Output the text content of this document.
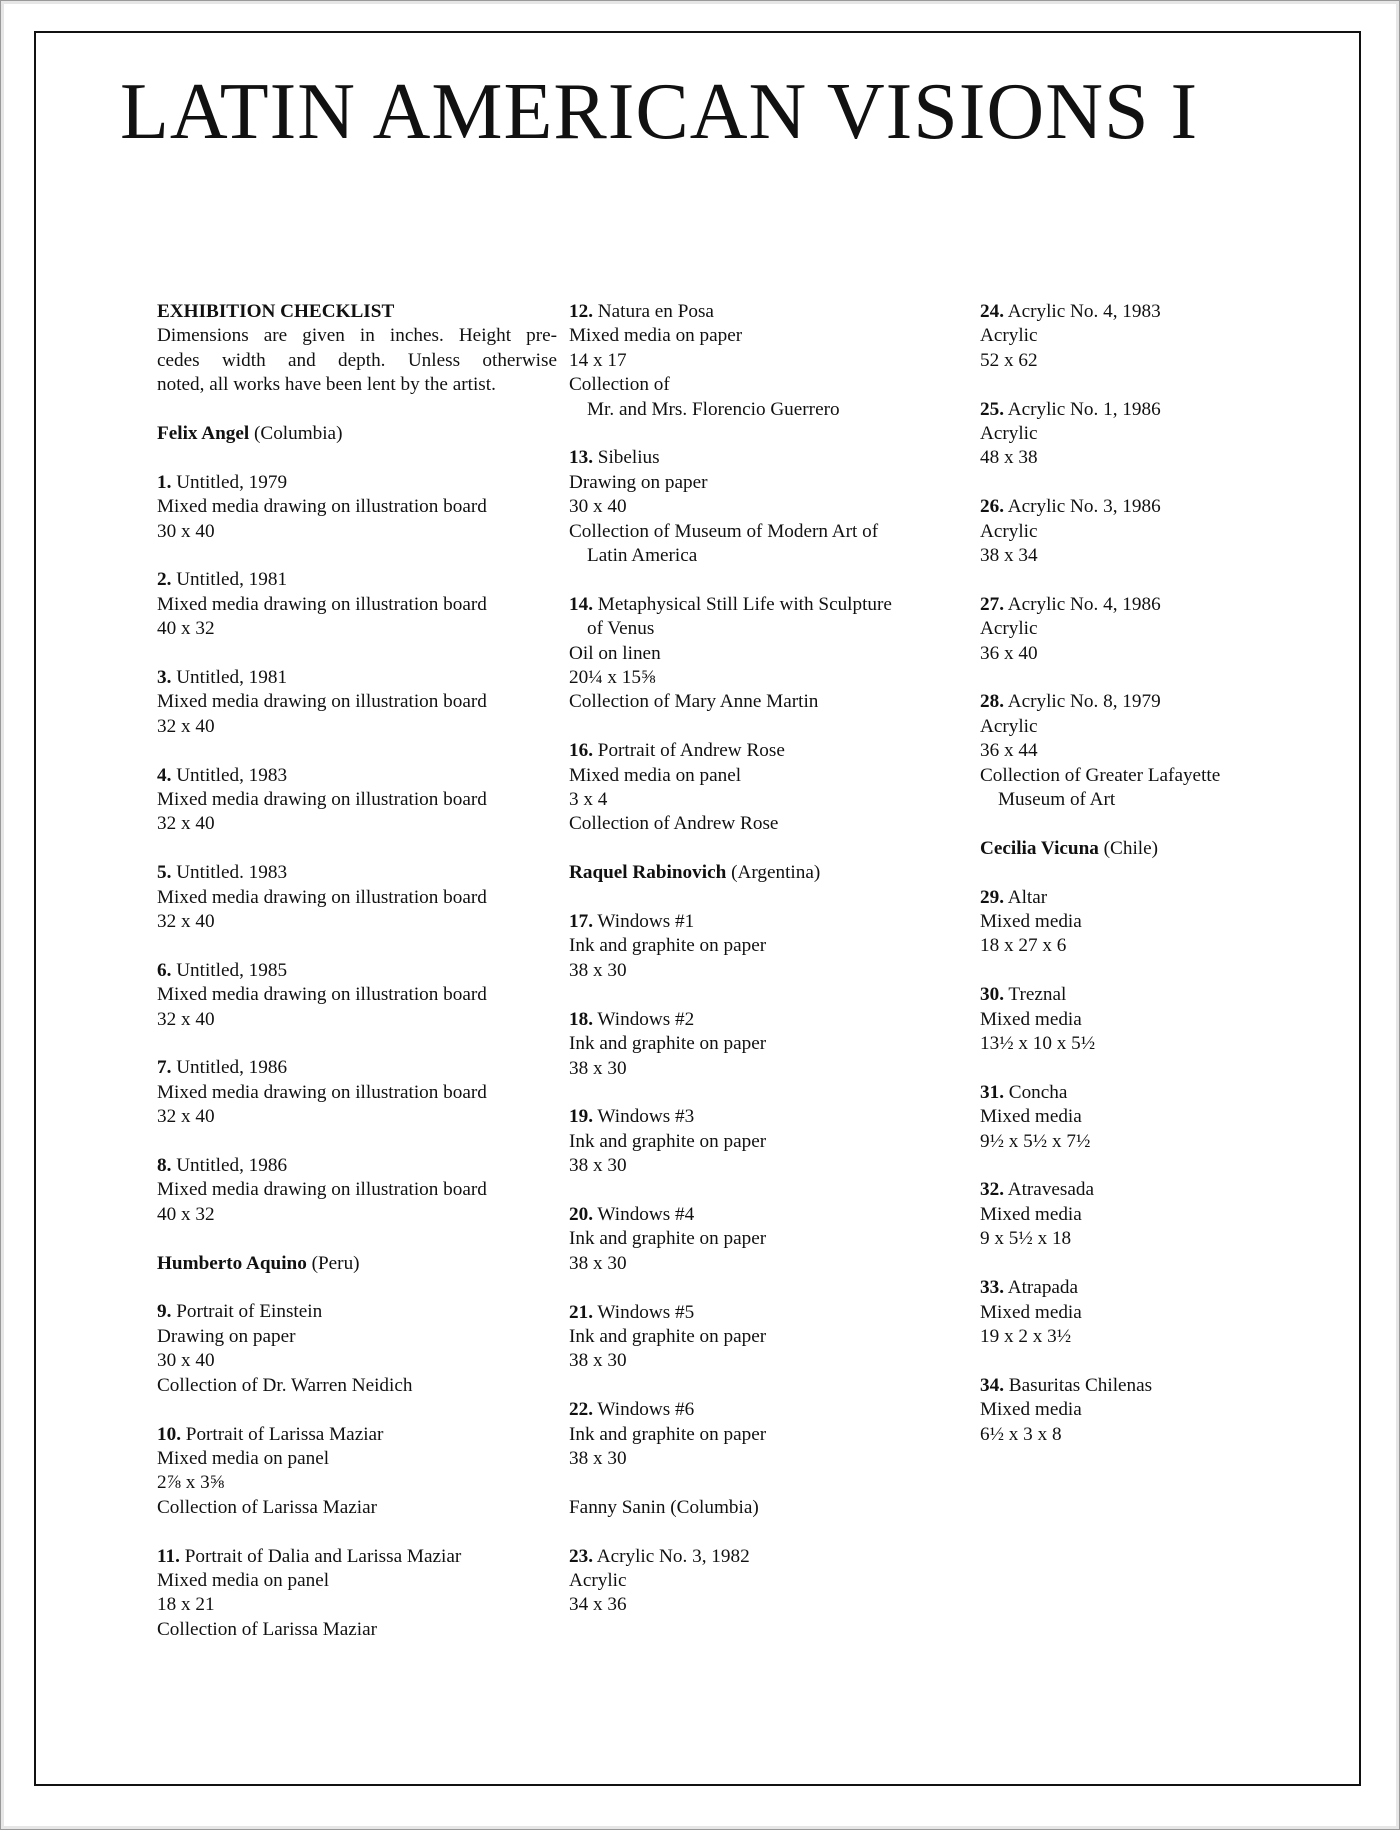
LATIN AMERICAN VISIONS I
EXHIBITION CHECKLIST
Dimensions are given in inches. Height pre-
cedes width and depth. Unless otherwise
noted, all works have been lent by the artist.
Felix Angel (Columbia)
1. Untitled, 1979
Mixed media drawing on illustration board
30 x 40
2. Untitled, 1981
Mixed media drawing on illustration board
40 x 32
3. Untitled, 1981
Mixed media drawing on illustration board
32 x 40
4. Untitled, 1983
Mixed media drawing on illustration board
32 x 40
5. Untitled. 1983
Mixed media drawing on illustration board
32 x 40
6. Untitled, 1985
Mixed media drawing on illustration board
32 x 40
7. Untitled, 1986
Mixed media drawing on illustration board
32 x 40
8. Untitled, 1986
Mixed media drawing on illustration board
40 x 32
Humberto Aquino (Peru)
9. Portrait of Einstein
Drawing on paper
30 x 40
Collection of Dr. Warren Neidich
10. Portrait of Larissa Maziar
Mixed media on panel
2⅞ x 3⅝
Collection of Larissa Maziar
11. Portrait of Dalia and Larissa Maziar
Mixed media on panel
18 x 21
Collection of Larissa Maziar
12. Natura en Posa
Mixed media on paper
14 x 17
Collection of
Mr. and Mrs. Florencio Guerrero
13. Sibelius
Drawing on paper
30 x 40
Collection of Museum of Modern Art of
Latin America
14. Metaphysical Still Life with Sculpture
of Venus
Oil on linen
20¼ x 15⅝
Collection of Mary Anne Martin
16. Portrait of Andrew Rose
Mixed media on panel
3 x 4
Collection of Andrew Rose
Raquel Rabinovich (Argentina)
17. Windows #1
Ink and graphite on paper
38 x 30
18. Windows #2
Ink and graphite on paper
38 x 30
19. Windows #3
Ink and graphite on paper
38 x 30
20. Windows #4
Ink and graphite on paper
38 x 30
21. Windows #5
Ink and graphite on paper
38 x 30
22. Windows #6
Ink and graphite on paper
38 x 30
Fanny Sanin (Columbia)
23. Acrylic No. 3, 1982
Acrylic
34 x 36
24. Acrylic No. 4, 1983
Acrylic
52 x 62
25. Acrylic No. 1, 1986
Acrylic
48 x 38
26. Acrylic No. 3, 1986
Acrylic
38 x 34
27. Acrylic No. 4, 1986
Acrylic
36 x 40
28. Acrylic No. 8, 1979
Acrylic
36 x 44
Collection of Greater Lafayette
Museum of Art
Cecilia Vicuna (Chile)
29. Altar
Mixed media
18 x 27 x 6
30. Treznal
Mixed media
13½ x 10 x 5½
31. Concha
Mixed media
9½ x 5½ x 7½
32. Atravesada
Mixed media
9 x 5½ x 18
33. Atrapada
Mixed media
19 x 2 x 3½
34. Basuritas Chilenas
Mixed media
6½ x 3 x 8
